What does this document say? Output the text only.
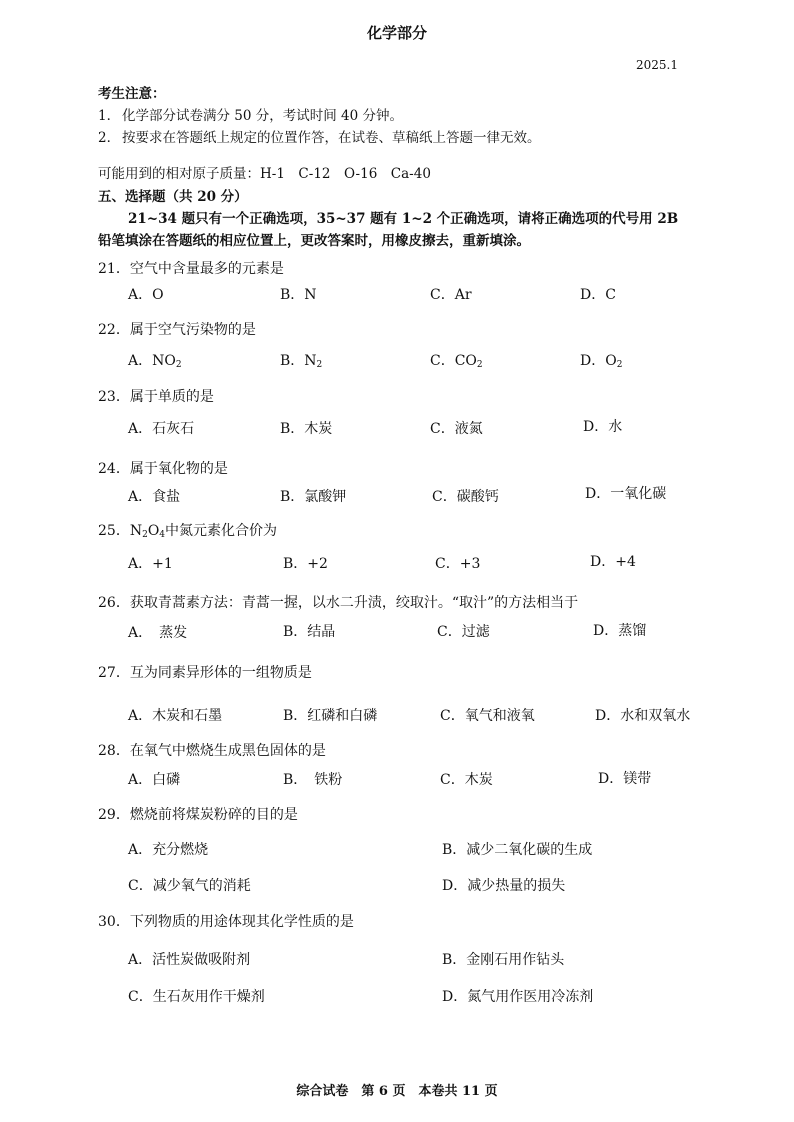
化学部分
2025.1
考生注意：
1． 化学部分试卷满分 50 分，考试时间 40 分钟。
2． 按要求在答题纸上规定的位置作答，在试卷、草稿纸上答题一律无效。
可能用到的相对原子质量：H-1　C-12　O-16　Ca-40
五、选择题（共 20 分）
21~34 题只有一个正确选项，35~37 题有 1~2 个正确选项，请将正确选项的代号用 2B
铅笔填涂在答题纸的相应位置上，更改答案时，用橡皮擦去，重新填涂。
21．空气中含量最多的元素是
A．O	B．N	C．Ar	D．C
22．属于空气污染物的是
A．$NO_2$	B．$N_2$	C．$CO_2$	D．$O_2$
23．属于单质的是
A．石灰石	B．木炭	C．液氮	D．水
24．属于氧化物的是
A．食盐	B．氯酸钾	C．碳酸钙	D．一氧化碳
25．$N_2O_4$中氮元素化合价为
A．+1	B．+2	C．+3	D．+4
26．获取青蒿素方法：青蒿一握，以水二升渍，绞取汁。“取汁”的方法相当于
A．　蒸发	B．结晶	C．过滤	D．蒸馏
27．互为同素异形体的一组物质是
A．木炭和石墨	B．红磷和白磷	C．氧气和液氧	D．水和双氧水
28．在氧气中燃烧生成黑色固体的是
A．白磷	B．　铁粉	C．木炭	D．镁带
29．燃烧前将煤炭粉碎的目的是
A．充分燃烧	B．减少二氧化碳的生成
C．减少氧气的消耗	D．减少热量的损失
30．下列物质的用途体现其化学性质的是
A．活性炭做吸附剂	B．金刚石用作钻头
C．生石灰用作干燥剂	D．氮气用作医用冷冻剂
综合试卷　第 6 页　本卷共 11 页
